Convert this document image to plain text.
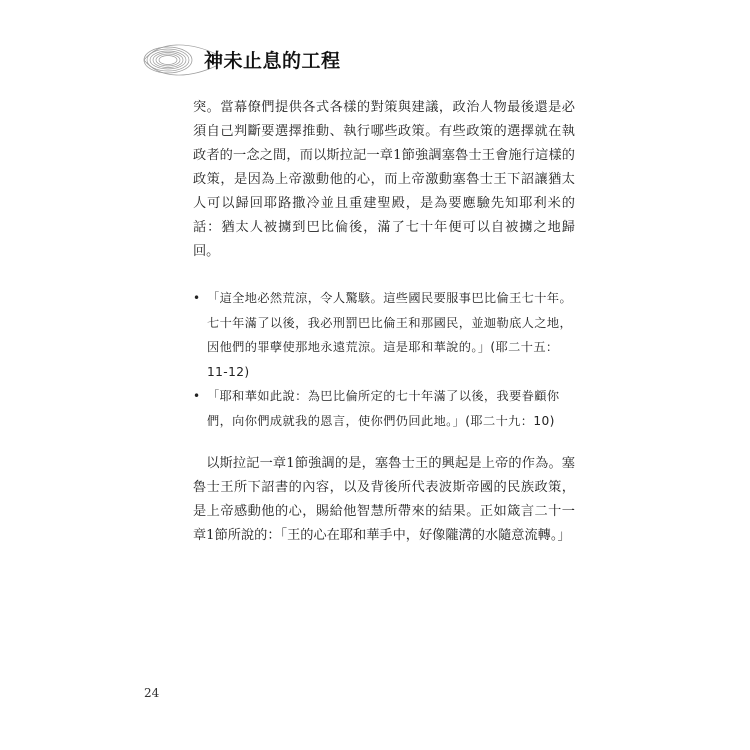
神未止息的工程

突。當幕僚們提供各式各樣的對策與建議，政治人物最後還是必須自己判斷要選擇推動、執行哪些政策。有些政策的選擇就在執政者的一念之間，而以斯拉記一章1節強調塞魯士王會施行這樣的政策，是因為上帝激動他的心，而上帝激動塞魯士王下詔讓猶太人可以歸回耶路撒冷並且重建聖殿，是為要應驗先知耶利米的話：猶太人被擄到巴比倫後，滿了七十年便可以自被擄之地歸回。

• 「這全地必然荒涼，令人驚駭。這些國民要服事巴比倫王七十年。七十年滿了以後，我必刑罰巴比倫王和那國民，並迦勒底人之地，因他們的罪孽使那地永遠荒涼。這是耶和華說的。」(耶二十五：11-12)
• 「耶和華如此說：為巴比倫所定的七十年滿了以後，我要眷顧你們，向你們成就我的恩言，使你們仍回此地。」(耶二十九：10)

以斯拉記一章1節強調的是，塞魯士王的興起是上帝的作為。塞魯士王所下詔書的內容，以及背後所代表波斯帝國的民族政策，是上帝感動他的心，賜給他智慧所帶來的結果。正如箴言二十一章1節所說的：「王的心在耶和華手中，好像隴溝的水隨意流轉。」

24
